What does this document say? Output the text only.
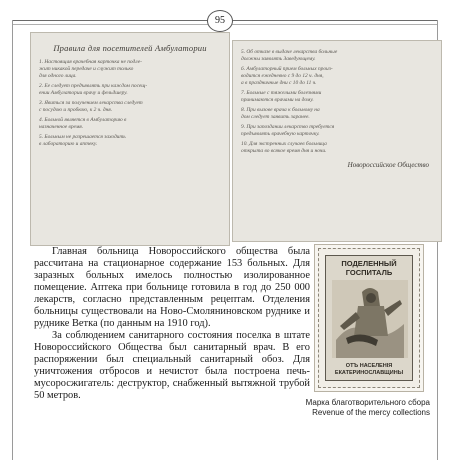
95
Правила для посетителей Амбулатории
1. Настоящая врачебная карточка не подле-
жит никакой передаче и служит только
для одного лица.
2. Ее следует предъявлять при каждом посещ-
ении Амбулатории врачу и фельдшеру.
3. Явиться за получением лекарства следует
с посудою и пробкою, к 2 ч. дня.
4. Больной является в Амбулаторию в
назначенное время.
5. Больным не разрешается заходить
в лабораторию и аптеку.
5. Об отказе в выдаче лекарства больные
должны заявлять Заведующему.
6. Амбулаторный прием больных произ-
водится ежедневно с 9 до 12 ч. дня,
а в праздничные дни с 10 до 11 ч.
7. Больные с тяжелыми болезнями
принимаются врачами на дому.
8. При вызове врача к больному на
дом следует заявить заранее.
9. При запоздании лекарство требуется
предъявлять врачебную карточку.
10. Для экстренных случаев больница
открыта во всякое время дня и ночи.
Новороссийское Общество

Главная больница Новороссийского общества была рассчитана на стационарное содержание 153 больных. Для заразных больных имелось полностью изолированное помещение. Аптека при больнице готовила в год до 250 000 лекарств, согласно представленным рецептам. Отделения больницы существовали на Ново-Смоляниновском руднике и руднике Ветка (по данным на 1910 год).

За соблюдением санитарного состояния поселка в штате Новороссийского Общества был санитарный врач. В его распоряжении был специальный санитарный обоз. Для уничтожения отбросов и нечистот была построена печь-мусоросжигатель: деструктор, снабженный вытяжной трубой 50 метров.

ПОДЕЛЕННЫЙ ГОСПИТАЛЬ
ОТЪ НАСЕЛЕНІЯ ЕКАТЕРИНОСЛАВЩИНЫ
Марка благотворительного сбора
Revenue of the mercy collections
